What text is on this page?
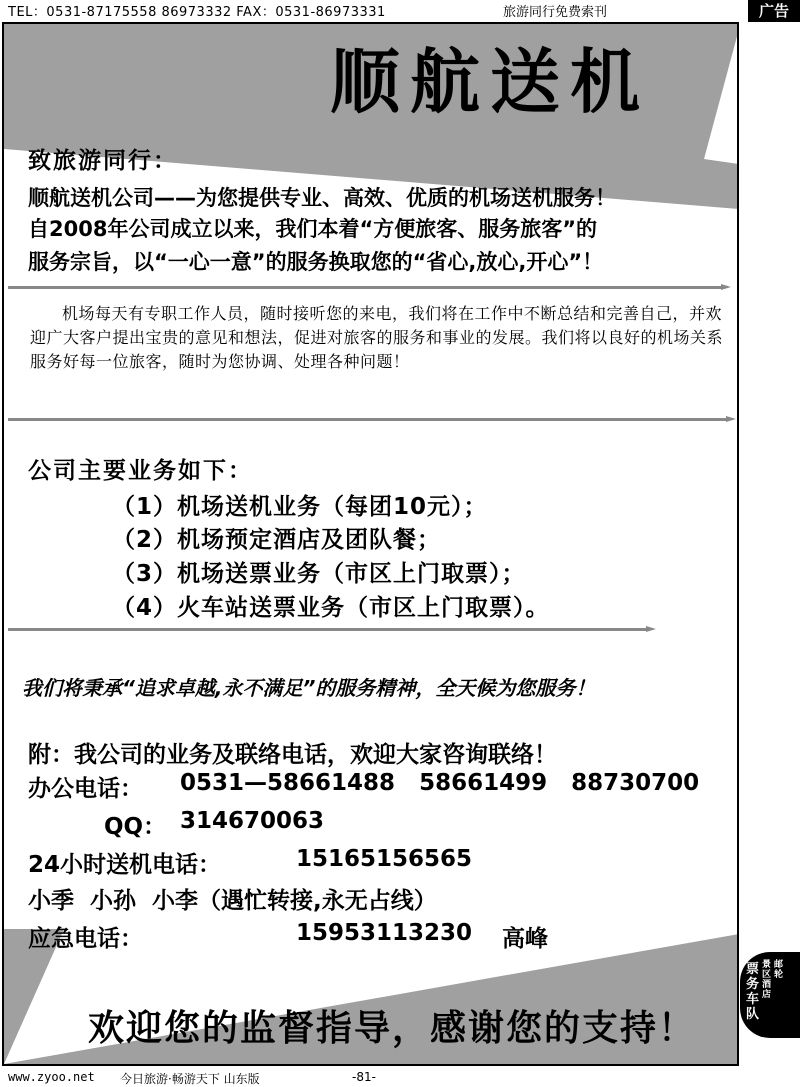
TEL：0531-87175558 86973332 FAX：0531-86973331	旅游同行免费索刊	广告
顺航送机
致旅游同行：
顺航送机公司——为您提供专业、高效、优质的机场送机服务！
自2008年公司成立以来，我们本着“方便旅客、服务旅客”的
服务宗旨，以“一心一意”的服务换取您的“省心,放心,开心”！
机场每天有专职工作人员，随时接听您的来电，我们将在工作中不断总结和完善自己，并欢迎广大客户提出宝贵的意见和想法，促进对旅客的服务和事业的发展。我们将以良好的机场关系服务好每一位旅客，随时为您协调、处理各种问题！
公司主要业务如下：
（1）机场送机业务（每团10元）；
（2）机场预定酒店及团队餐；
（3）机场送票业务（市区上门取票）；
（4）火车站送票业务（市区上门取票）。
我们将秉承“追求卓越,永不满足”的服务精神，全天候为您服务！
附：我公司的业务及联络电话，欢迎大家咨询联络！
办公电话： 0531—58661488   58661499   88730700
QQ： 314670063
24小时送机电话：	15165156565
小季  小孙  小李（遇忙转接,永无占线）
应急电话：	15953113230 高峰
欢迎您的监督指导，感谢您的支持！
票务车队
景区酒店
邮轮
www.zyoo.net 今日旅游·畅游天下 山东版	-81-
